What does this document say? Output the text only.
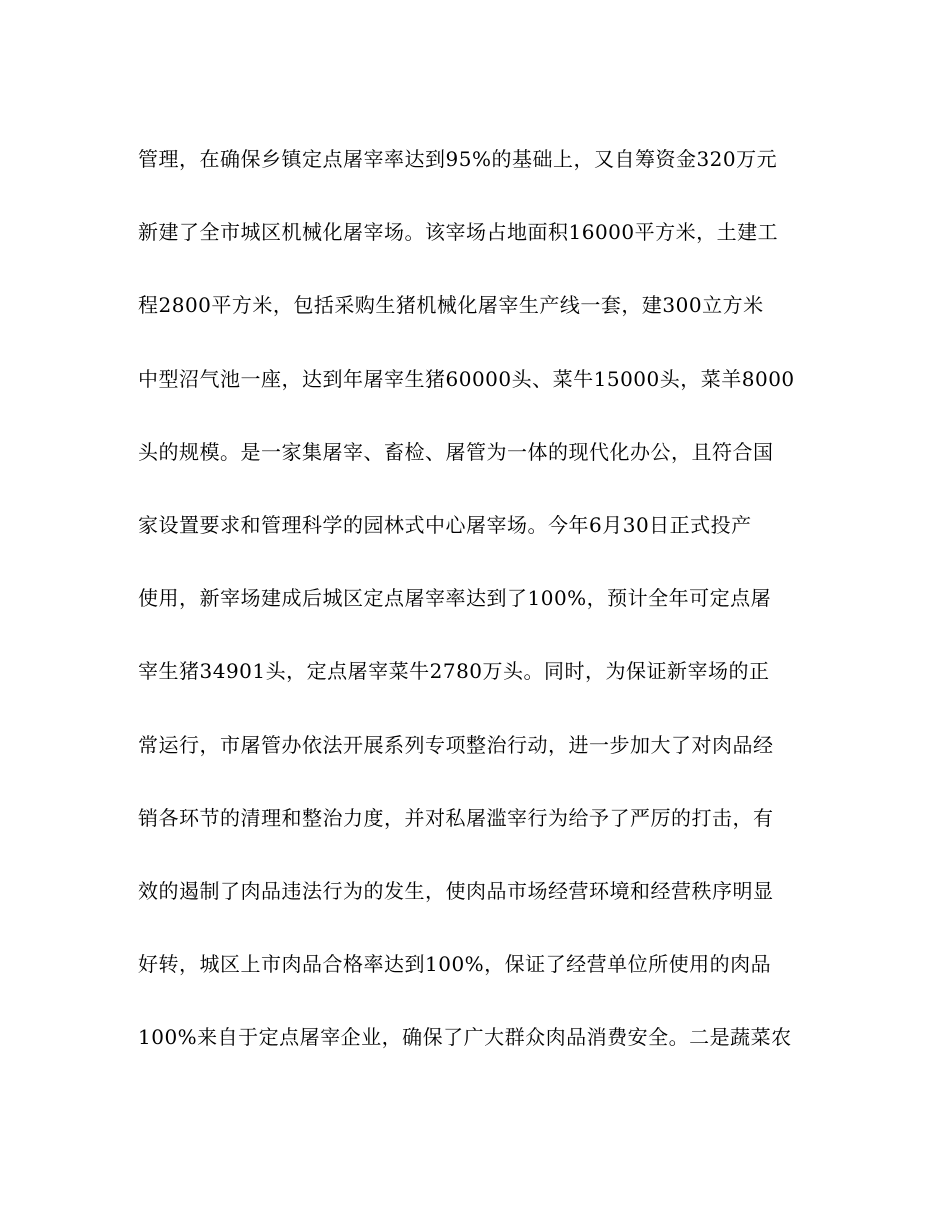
管理，在确保乡镇定点屠宰率达到95%的基础上，又自筹资金320万元
新建了全市城区机械化屠宰场。该宰场占地面积16000平方米，土建工
程2800平方米，包括采购生猪机械化屠宰生产线一套，建300立方米
中型沼气池一座，达到年屠宰生猪60000头、菜牛15000头，菜羊8000
头的规模。是一家集屠宰、畜检、屠管为一体的现代化办公，且符合国
家设置要求和管理科学的园林式中心屠宰场。今年6月30日正式投产
使用，新宰场建成后城区定点屠宰率达到了100%，预计全年可定点屠
宰生猪34901头，定点屠宰菜牛2780万头。同时，为保证新宰场的正
常运行，市屠管办依法开展系列专项整治行动，进一步加大了对肉品经
销各环节的清理和整治力度，并对私屠滥宰行为给予了严厉的打击，有
效的遏制了肉品违法行为的发生，使肉品市场经营环境和经营秩序明显
好转，城区上市肉品合格率达到100%，保证了经营单位所使用的肉品
100%来自于定点屠宰企业，确保了广大群众肉品消费安全。二是蔬菜农
